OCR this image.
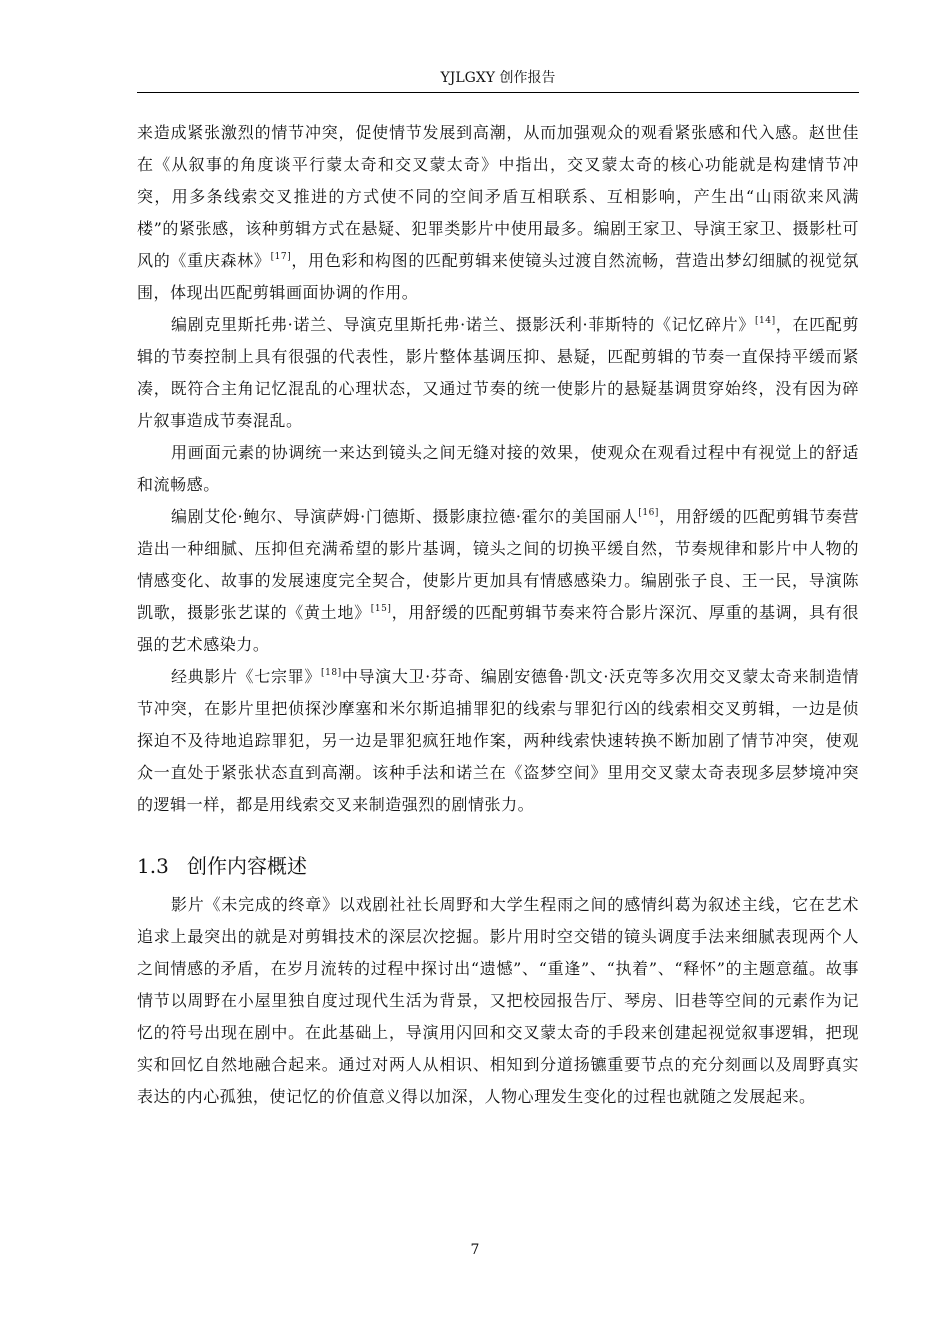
YJLGXY 创作报告

来造成紧张激烈的情节冲突，促使情节发展到高潮，从而加强观众的观看紧张感和代入感。赵世佳在《从叙事的角度谈平行蒙太奇和交叉蒙太奇》中指出，交叉蒙太奇的核心功能就是构建情节冲突，用多条线索交叉推进的方式使不同的空间矛盾互相联系、互相影响，产生出“山雨欲来风满楼”的紧张感，该种剪辑方式在悬疑、犯罪类影片中使用最多。编剧王家卫、导演王家卫、摄影杜可风的《重庆森林》[17]，用色彩和构图的匹配剪辑来使镜头过渡自然流畅，营造出梦幻细腻的视觉氛围，体现出匹配剪辑画面协调的作用。

编剧克里斯托弗·诺兰、导演克里斯托弗·诺兰、摄影沃利·菲斯特的《记忆碎片》[14]，在匹配剪辑的节奏控制上具有很强的代表性，影片整体基调压抑、悬疑，匹配剪辑的节奏一直保持平缓而紧凑，既符合主角记忆混乱的心理状态，又通过节奏的统一使影片的悬疑基调贯穿始终，没有因为碎片叙事造成节奏混乱。

用画面元素的协调统一来达到镜头之间无缝对接的效果，使观众在观看过程中有视觉上的舒适和流畅感。

编剧艾伦·鲍尔、导演萨姆·门德斯、摄影康拉德·霍尔的美国丽人[16]，用舒缓的匹配剪辑节奏营造出一种细腻、压抑但充满希望的影片基调，镜头之间的切换平缓自然，节奏规律和影片中人物的情感变化、故事的发展速度完全契合，使影片更加具有情感感染力。编剧张子良、王一民，导演陈凯歌，摄影张艺谋的《黄土地》[15]，用舒缓的匹配剪辑节奏来符合影片深沉、厚重的基调，具有很强的艺术感染力。

经典影片《七宗罪》[18]中导演大卫·芬奇、编剧安德鲁·凯文·沃克等多次用交叉蒙太奇来制造情节冲突，在影片里把侦探沙摩塞和米尔斯追捕罪犯的线索与罪犯行凶的线索相交叉剪辑，一边是侦探迫不及待地追踪罪犯，另一边是罪犯疯狂地作案，两种线索快速转换不断加剧了情节冲突，使观众一直处于紧张状态直到高潮。该种手法和诺兰在《盗梦空间》里用交叉蒙太奇表现多层梦境冲突的逻辑一样，都是用线索交叉来制造强烈的剧情张力。

1.3 创作内容概述

影片《未完成的终章》以戏剧社社长周野和大学生程雨之间的感情纠葛为叙述主线，它在艺术追求上最突出的就是对剪辑技术的深层次挖掘。影片用时空交错的镜头调度手法来细腻表现两个人之间情感的矛盾，在岁月流转的过程中探讨出“遗憾”、“重逢”、“执着”、“释怀”的主题意蕴。故事情节以周野在小屋里独自度过现代生活为背景，又把校园报告厅、琴房、旧巷等空间的元素作为记忆的符号出现在剧中。在此基础上，导演用闪回和交叉蒙太奇的手段来创建起视觉叙事逻辑，把现实和回忆自然地融合起来。通过对两人从相识、相知到分道扬镳重要节点的充分刻画以及周野真实表达的内心孤独，使记忆的价值意义得以加深，人物心理发生变化的过程也就随之发展起来。

7
